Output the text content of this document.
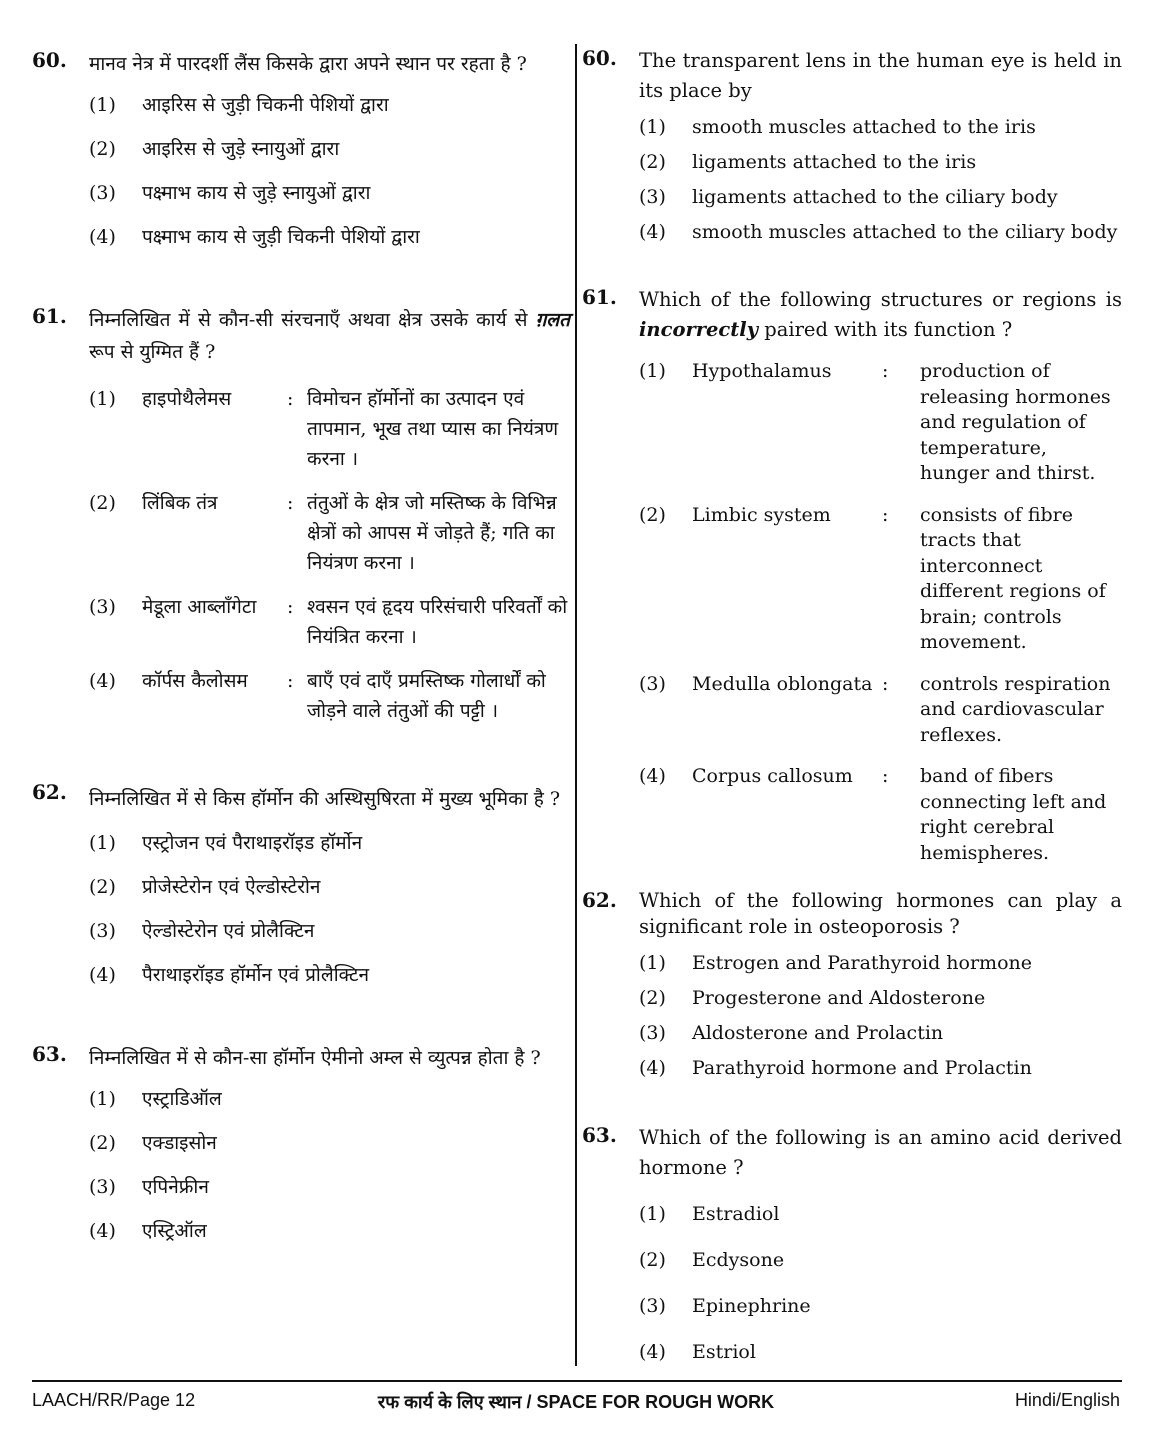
60. मानव नेत्र में पारदर्शी लैंस किसके द्वारा अपने स्थान पर रहता है ?
(1)	आइरिस से जुड़ी चिकनी पेशियों द्वारा
(2)	आइरिस से जुड़े स्नायुओं द्वारा
(3)	पक्ष्माभ काय से जुड़े स्नायुओं द्वारा
(4)	पक्ष्माभ काय से जुड़ी चिकनी पेशियों द्वारा
61. निम्नलिखित में से कौन-सी संरचनाएँ अथवा क्षेत्र उसके कार्य से ग़लत रूप से युग्मित हैं ?
(1)	हाइपोथैलेमस	: विमोचन हॉर्मोनों का उत्पादन एवं तापमान, भूख तथा प्यास का नियंत्रण करना ।
(2)	लिंबिक तंत्र	: तंतुओं के क्षेत्र जो मस्तिष्क के विभिन्न क्षेत्रों को आपस में जोड़ते हैं; गति का नियंत्रण करना ।
(3)	मेडूला आब्लाँगेटा	: श्वसन एवं हृदय परिसंचारी परिवर्तों को नियंत्रित करना ।
(4)	कॉर्पस कैलोसम	: बाएँ एवं दाएँ प्रमस्तिष्क गोलार्धों को जोड़ने वाले तंतुओं की पट्टी ।
62. निम्नलिखित में से किस हॉर्मोन की अस्थिसुषिरता में मुख्य भूमिका है ?
(1)	एस्ट्रोजन एवं पैराथाइरॉइड हॉर्मोन
(2)	प्रोजेस्टेरोन एवं ऐल्डोस्टेरोन
(3)	ऐल्डोस्टेरोन एवं प्रोलैक्टिन
(4)	पैराथाइरॉइड हॉर्मोन एवं प्रोलैक्टिन
63. निम्नलिखित में से कौन-सा हॉर्मोन ऐमीनो अम्ल से व्युत्पन्न होता है ?
(1)	एस्ट्राडिऑल
(2)	एक्डाइसोन
(3)	एपिनेफ्रीन
(4)	एस्ट्रिऑल
60. The transparent lens in the human eye is held in its place by
(1)	smooth muscles attached to the iris
(2)	ligaments attached to the iris
(3)	ligaments attached to the ciliary body
(4)	smooth muscles attached to the ciliary body
61. Which of the following structures or regions is incorrectly paired with its function ?
(1)	Hypothalamus	:	production of releasing hormones and regulation of temperature, hunger and thirst.
(2)	Limbic system	:	consists of fibre tracts that interconnect different regions of brain; controls movement.
(3)	Medulla oblongata :	controls respiration and cardiovascular reflexes.
(4)	Corpus callosum	:	band of fibers connecting left and right cerebral hemispheres.
62. Which of the following hormones can play a significant role in osteoporosis ?
(1)	Estrogen and Parathyroid hormone
(2)	Progesterone and Aldosterone
(3)	Aldosterone and Prolactin
(4)	Parathyroid hormone and Prolactin
63. Which of the following is an amino acid derived hormone ?
(1)	Estradiol
(2)	Ecdysone
(3)	Epinephrine
(4)	Estriol
LAACH/RR/Page 12	रफ कार्य के लिए स्थान / SPACE FOR ROUGH WORK	Hindi/English
